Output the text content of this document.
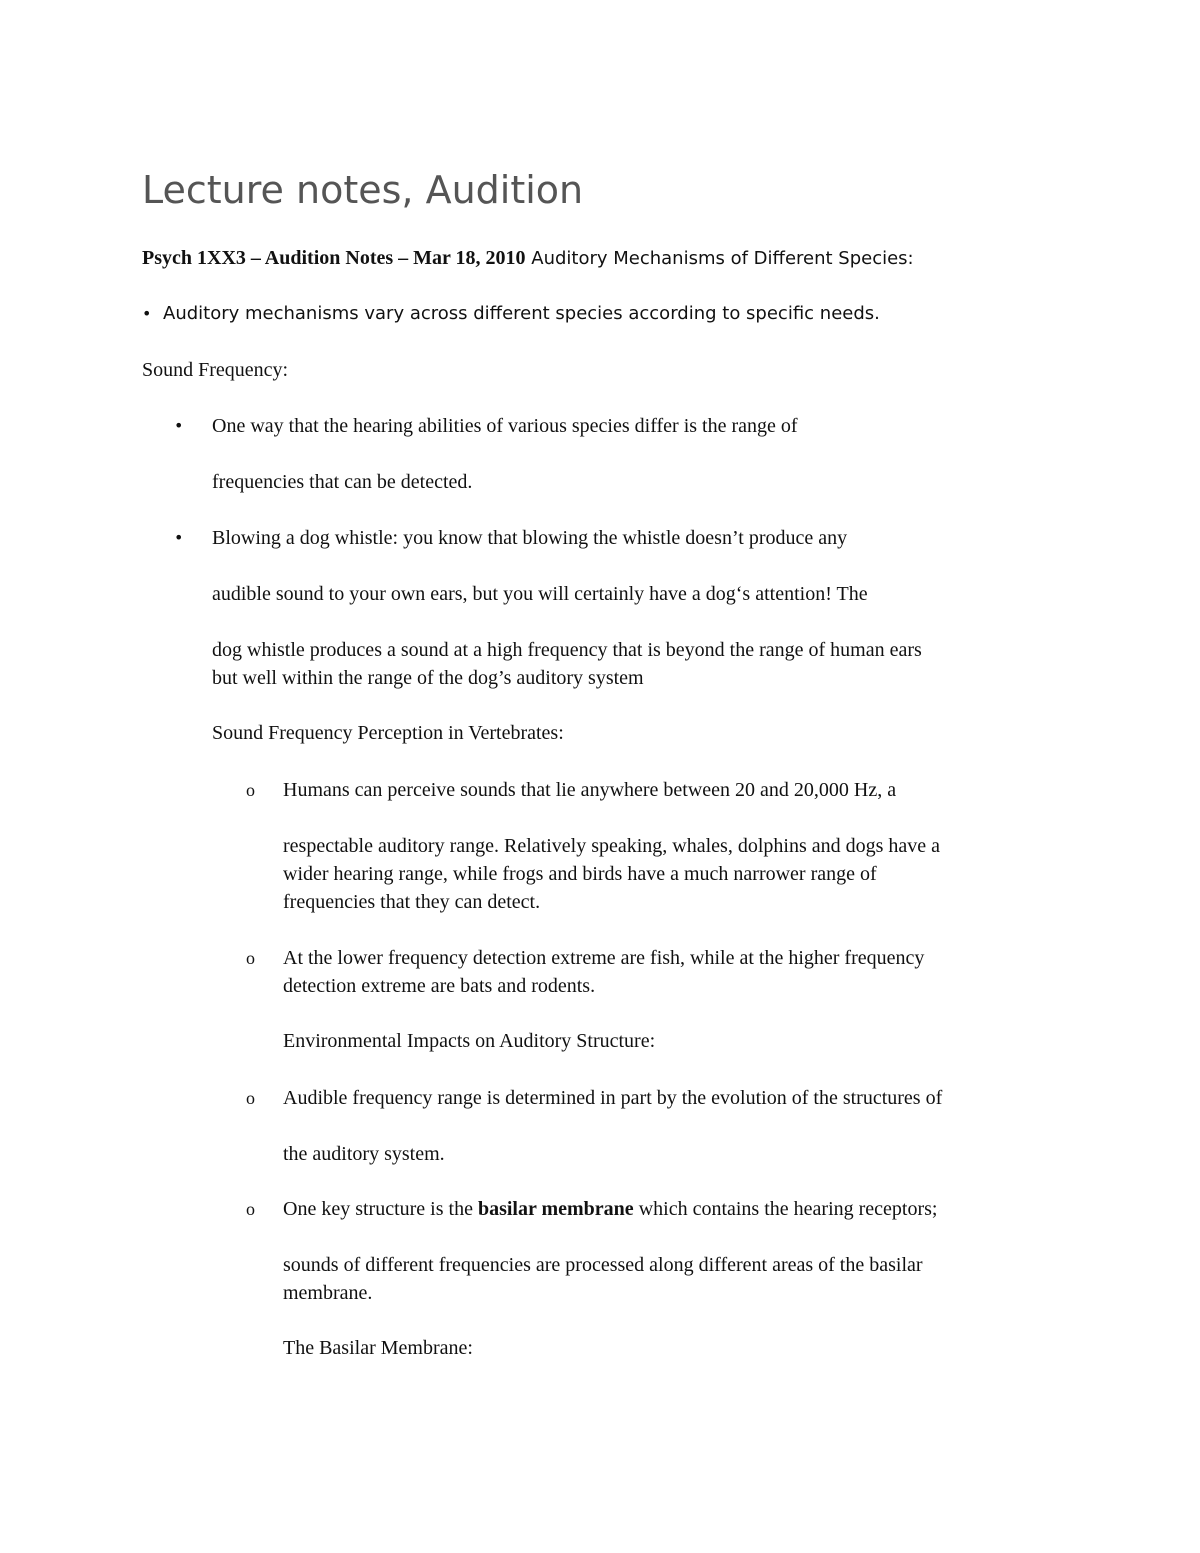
Lecture notes, Audition

Psych 1XX3 – Audition Notes – Mar 18, 2010 Auditory Mechanisms of Different Species:

• Auditory mechanisms vary across different species according to specific needs.

Sound Frequency:

• One way that the hearing abilities of various species differ is the range of

frequencies that can be detected.

• Blowing a dog whistle: you know that blowing the whistle doesn’t produce any

audible sound to your own ears, but you will certainly have a dog‘s attention! The

dog whistle produces a sound at a high frequency that is beyond the range of human ears

but well within the range of the dog’s auditory system

Sound Frequency Perception in Vertebrates:

o Humans can perceive sounds that lie anywhere between 20 and 20,000 Hz, a

respectable auditory range. Relatively speaking, whales, dolphins and dogs have a

wider hearing range, while frogs and birds have a much narrower range of

frequencies that they can detect.

o At the lower frequency detection extreme are fish, while at the higher frequency

detection extreme are bats and rodents.

Environmental Impacts on Auditory Structure:

o Audible frequency range is determined in part by the evolution of the structures of

the auditory system.

o One key structure is the basilar membrane which contains the hearing receptors;

sounds of different frequencies are processed along different areas of the basilar

membrane.

The Basilar Membrane:
